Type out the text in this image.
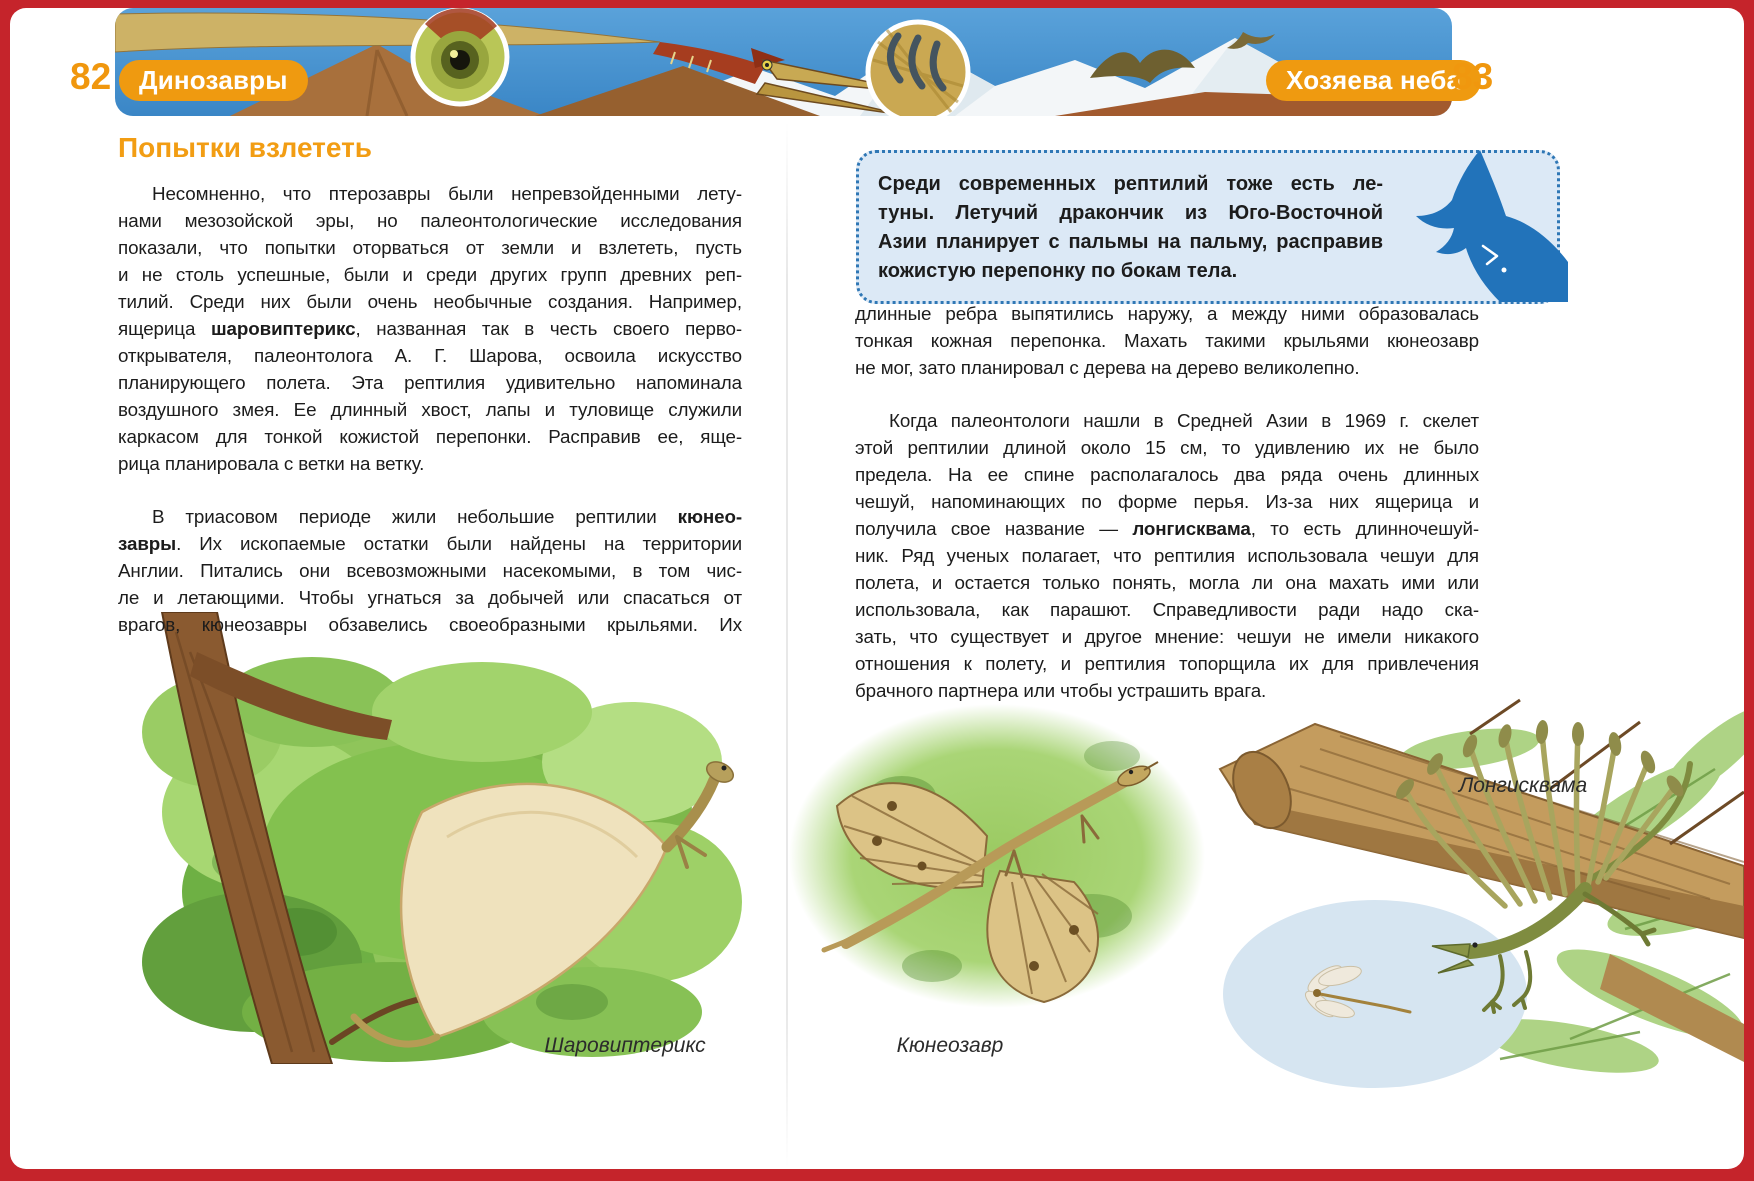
82	Динозавры	Хозяева неба
83
Попытки взлететь
Несомненно, что птерозавры были непревзойденными лету-
нами мезозойской эры, но палеонтологические исследования
показали, что попытки оторваться от земли и взлететь, пусть
и не столь успешные, были и среди других групп древних реп-
тилий. Среди них были очень необычные создания. Например,
ящерица шаровиптерикс, названная так в честь своего перво-
открывателя, палеонтолога А. Г. Шарова, освоила искусство
планирующего полета. Эта рептилия удивительно напоминала
воздушного змея. Ее длинный хвост, лапы и туловище служили
каркасом для тонкой кожистой перепонки. Расправив ее, яще-
рица планировала с ветки на ветку.
В триасовом периоде жили небольшие рептилии кюнео-
завры. Их ископаемые остатки были найдены на территории
Англии. Питались они всевозможными насекомыми, в том чис-
ле и летающими. Чтобы угнаться за добычей или спасаться от
врагов, кюнеозавры обзавелись своеобразными крыльями. Их
Шаровиптерикс
Среди современных рептилий тоже есть ле-
туны. Летучий дракончик из Юго-Восточной
Азии планирует с пальмы на пальму, расправив
кожистую перепонку по бокам тела.
длинные ребра выпятились наружу, а между ними образовалась
тонкая кожная перепонка. Махать такими крыльями кюнеозавр
не мог, зато планировал с дерева на дерево великолепно.
Когда палеонтологи нашли в Средней Азии в 1969 г. скелет
этой рептилии длиной около 15 см, то удивлению их не было
предела. На ее спине располагалось два ряда очень длинных
чешуй, напоминающих по форме перья. Из-за них ящерица и
получила свое название — лонгисквама, то есть длинночешуй-
ник. Ряд ученых полагает, что рептилия использовала чешуи для
полета, и остается только понять, могла ли она махать ими или
использовала, как парашют. Справедливости ради надо ска-
зать, что существует и другое мнение: чешуи не имели никакого
отношения к полету, и рептилия топорщила их для привлечения
брачного партнера или чтобы устрашить врага.
Лонгисквама
Кюнеозавр
